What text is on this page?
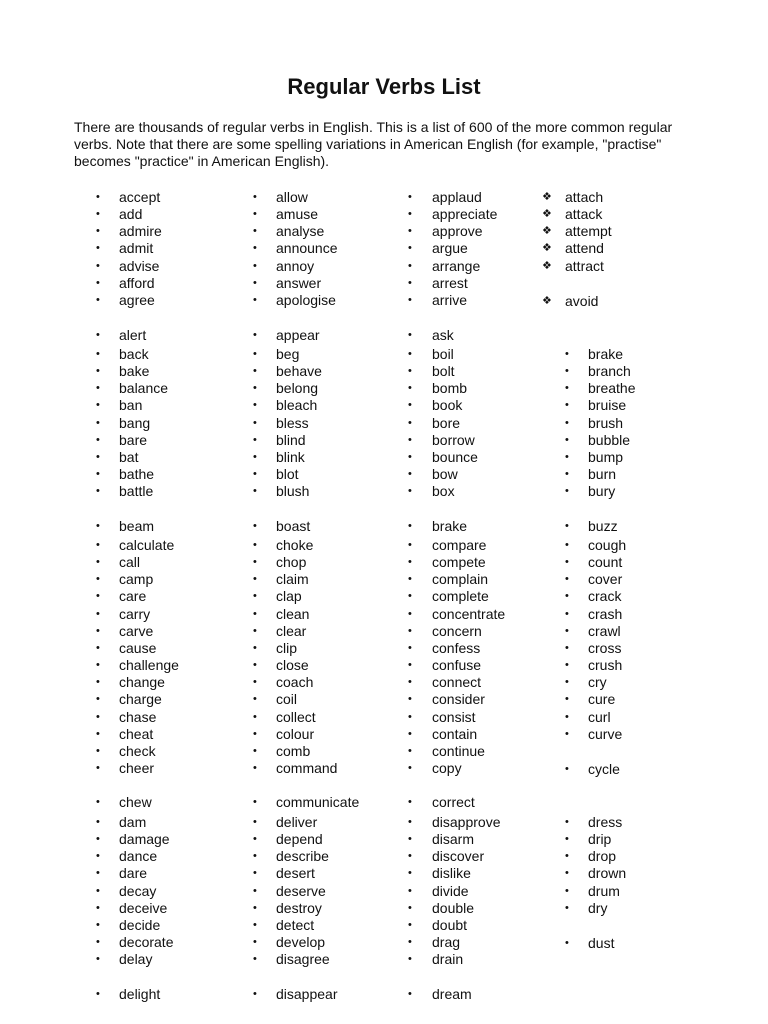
Regular Verbs List

There are thousands of regular verbs in English. This is a list of 600 of the more common regular verbs. Note that there are some spelling variations in American English (for example, "practise" becomes "practice" in American English).

• accept
• add
• admire
• admit
• advise
• afford
• agree
• alert
• back
• bake
• balance
• ban
• bang
• bare
• bat
• bathe
• battle
• beam
• calculate
• call
• camp
• care
• carry
• carve
• cause
• challenge
• change
• charge
• chase
• cheat
• check
• cheer
• chew
• dam
• damage
• dance
• dare
• decay
• deceive
• decide
• decorate
• delay
• delight
• allow
• amuse
• analyse
• announce
• annoy
• answer
• apologise
• appear
• beg
• behave
• belong
• bleach
• bless
• blind
• blink
• blot
• blush
• boast
• choke
• chop
• claim
• clap
• clean
• clear
• clip
• close
• coach
• coil
• collect
• colour
• comb
• command
• communicate
• deliver
• depend
• describe
• desert
• deserve
• destroy
• detect
• develop
• disagree
• disappear
• applaud
• appreciate
• approve
• argue
• arrange
• arrest
• arrive
• ask
• boil
• bolt
• bomb
• book
• bore
• borrow
• bounce
• bow
• box
• brake
• compare
• compete
• complain
• complete
• concentrate
• concern
• confess
• confuse
• connect
• consider
• consist
• contain
• continue
• copy
• correct
• disapprove
• disarm
• discover
• dislike
• divide
• double
• doubt
• drag
• drain
• dream
❖ attach
❖ attack
❖ attempt
❖ attend
❖ attract
❖ avoid
• brake
• branch
• breathe
• bruise
• brush
• bubble
• bump
• burn
• bury
• buzz
• cough
• count
• cover
• crack
• crash
• crawl
• cross
• crush
• cry
• cure
• curl
• curve
• cycle
• dress
• drip
• drop
• drown
• drum
• dry
• dust
